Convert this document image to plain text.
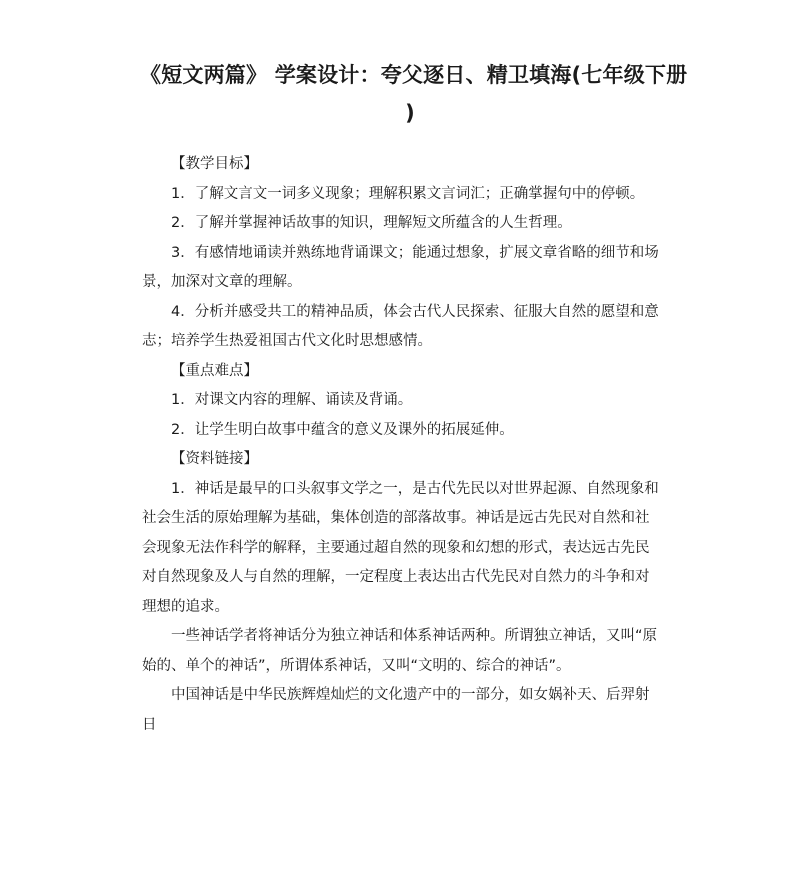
《短文两篇》 学案设计：夸父逐日、精卫填海(七年级下册
)

【教学目标】

1．了解文言文一词多义现象；理解积累文言词汇；正确掌握句中的停顿。

2．了解并掌握神话故事的知识，理解短文所蕴含的人生哲理。

3．有感情地诵读并熟练地背诵课文；能通过想象，扩展文章省略的细节和场景，加深对文章的理解。

4．分析并感受共工的精神品质，体会古代人民探索、征服大自然的愿望和意志；培养学生热爱祖国古代文化时思想感情。

【重点难点】

1．对课文内容的理解、诵读及背诵。

2．让学生明白故事中蕴含的意义及课外的拓展延伸。

【资料链接】

1．神话是最早的口头叙事文学之一，是古代先民以对世界起源、自然现象和社会生活的原始理解为基础，集体创造的部落故事。神话是远古先民对自然和社会现象无法作科学的解释，主要通过超自然的现象和幻想的形式，表达远古先民对自然现象及人与自然的理解，一定程度上表达出古代先民对自然力的斗争和对理想的追求。

一些神话学者将神话分为独立神话和体系神话两种。所谓独立神话，又叫“原始的、单个的神话”，所谓体系神话，又叫“文明的、综合的神话”。

中国神话是中华民族辉煌灿烂的文化遗产中的一部分，如女娲补天、后羿射日
